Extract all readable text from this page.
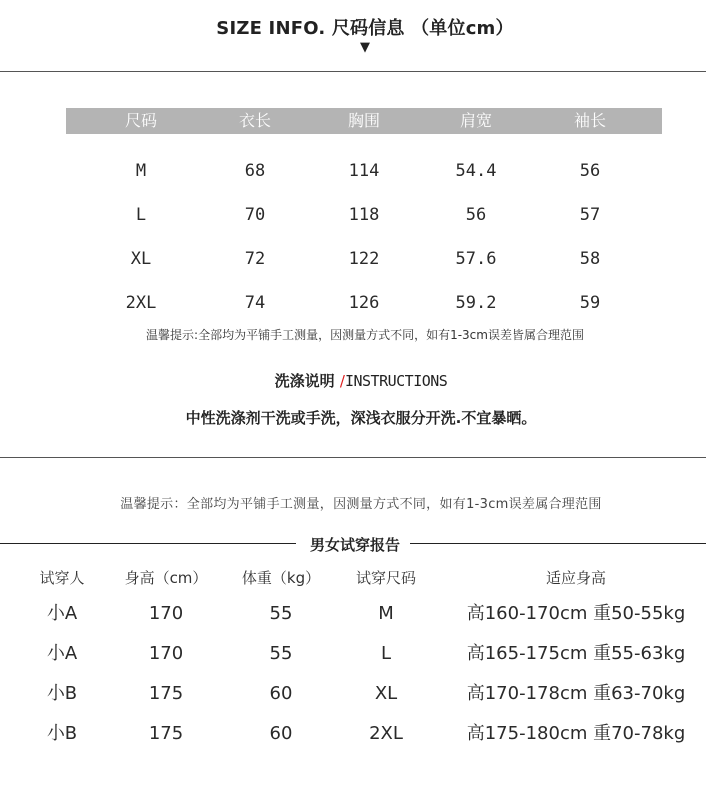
SIZE INFO. 尺码信息 （单位cm）
▼
尺码	衣长	胸围	肩宽	袖长
M	68	114	54.4	56
L	70	118	56	57
XL	72	122	57.6	58
2XL	74	126	59.2	59
温馨提示:全部均为平铺手工测量，因测量方式不同，如有1-3cm误差皆属合理范围
洗涤说明 /INSTRUCTIONS
中性洗涤剂干洗或手洗，深浅衣服分开洗.不宜暴晒。
温馨提示：全部均为平铺手工测量，因测量方式不同，如有1-3cm误差属合理范围
男女试穿报告
试穿人	身高（cm）	体重（kg）	试穿尺码	适应身高
小A	170	55	M	高160-170cm 重50-55kg
小A	170	55	L	高165-175cm 重55-63kg
小B	175	60	XL	高170-178cm 重63-70kg
小B	175	60	2XL	高175-180cm 重70-78kg
